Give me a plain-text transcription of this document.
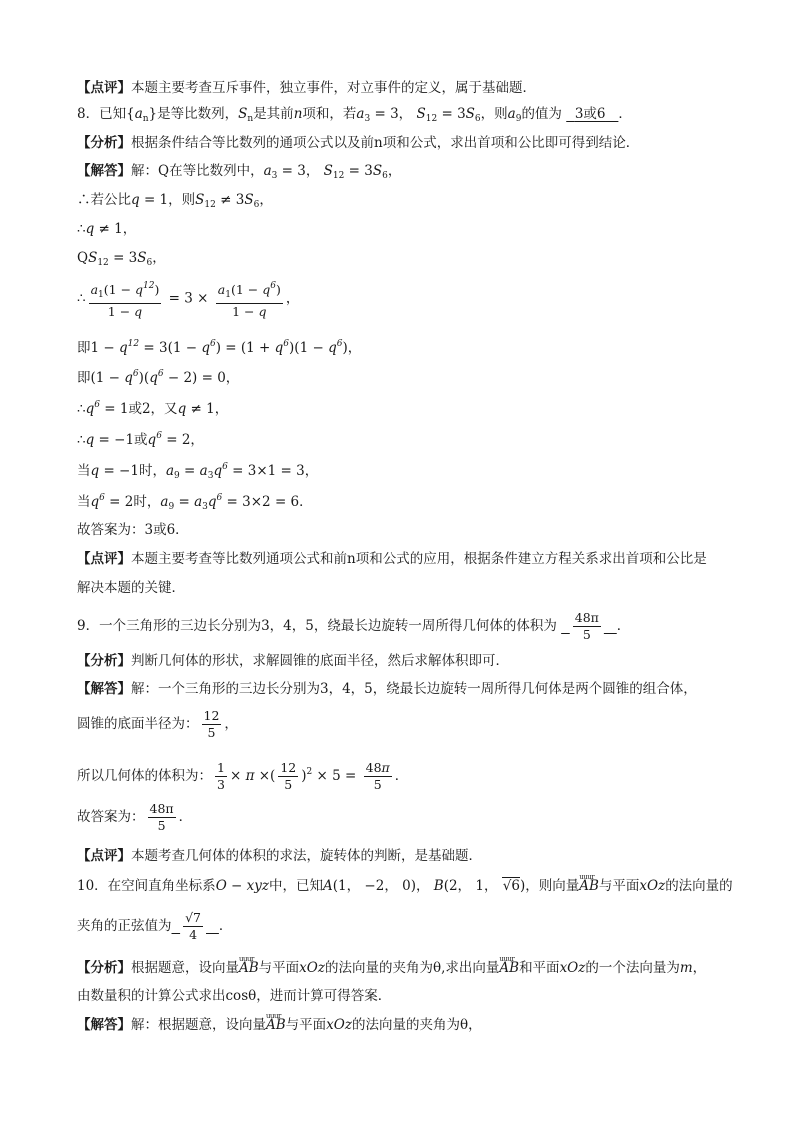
【点评】本题主要考查互斥事件，独立事件，对立事件的定义，属于基础题．
8．已知$\{a_n\}$是等比数列，$S_n$是其前n项和，若$a_3 = 3$， $S_{12} = 3S_6$，则$a_9$的值为 3或6 ．
【分析】根据条件结合等比数列的通项公式以及前n项和公式，求出首项和公比即可得到结论．
【解答】解：Q在等比数列中，$a_3 = 3$， $S_{12} = 3S_6$，
∴若公比q = 1，则$S_{12} \ne 3S_6$，
∴q ≠ 1，
$QS_{12} = 3S_6$，
∴ $\frac{a_1(1 - q^{12})}{1 - q} = 3 \times \frac{a_1(1 - q^6)}{1 - q}$ ，
即$1 - q^{12} = 3(1 - q^6) = (1 + q^6)(1 - q^6)$，
即$(1 - q^6)(q^6 - 2) = 0$，
$\therefore q^6 = 1$或2，又q ≠ 1，
∴q = −1或$q^6 = 2$，
当q = −1时，$a_9 = a_3q^6 = 3\times 1 = 3$，
当$q^6 = 2$时，$a_9 = a_3q^6 = 3\times 2 = 6$．
故答案为：3或6．
【点评】本题主要考查等比数列通项公式和前n项和公式的应用，根据条件建立方程关系求出首项和公比是
解决本题的关键．
9．一个三角形的三边长分别为3，4，5，绕最长边旋转一周所得几何体的体积为 $\frac{48\pi}{5}$ ．
【分析】判断几何体的形状，求解圆锥的底面半径，然后求解体积即可．
【解答】解：一个三角形的三边长分别为3，4，5，绕最长边旋转一周所得几何体是两个圆锥的组合体，
圆锥的底面半径为： $\frac{12}{5}$ ，
所以几何体的体积为： $\frac{1}{3} \times \pi$ ×( $\frac{12}{5} )^2 \times 5 = \frac{48\pi}{5}$ ．
故答案为： $\frac{48\pi}{5}$ ．
【点评】本题考查几何体的体积的求法，旋转体的判断，是基础题．
10．在空间直角坐标系O − xyz中，已知A(1， −2， 0)， B(2， 1， √6)，则向量uuur AB与平面xOz的法向量的
夹角的正弦值为 $\frac{√7}{4}$ ．
【分析】根据题意，设向量uuur AB与平面xOz的法向量的夹角为θ,求出向量uuur AB和平面xOz的一个法向量为m，
由数量积的计算公式求出cosθ，进而计算可得答案．
【解答】解：根据题意，设向量uuur AB与平面xOz的法向量的夹角为θ，
